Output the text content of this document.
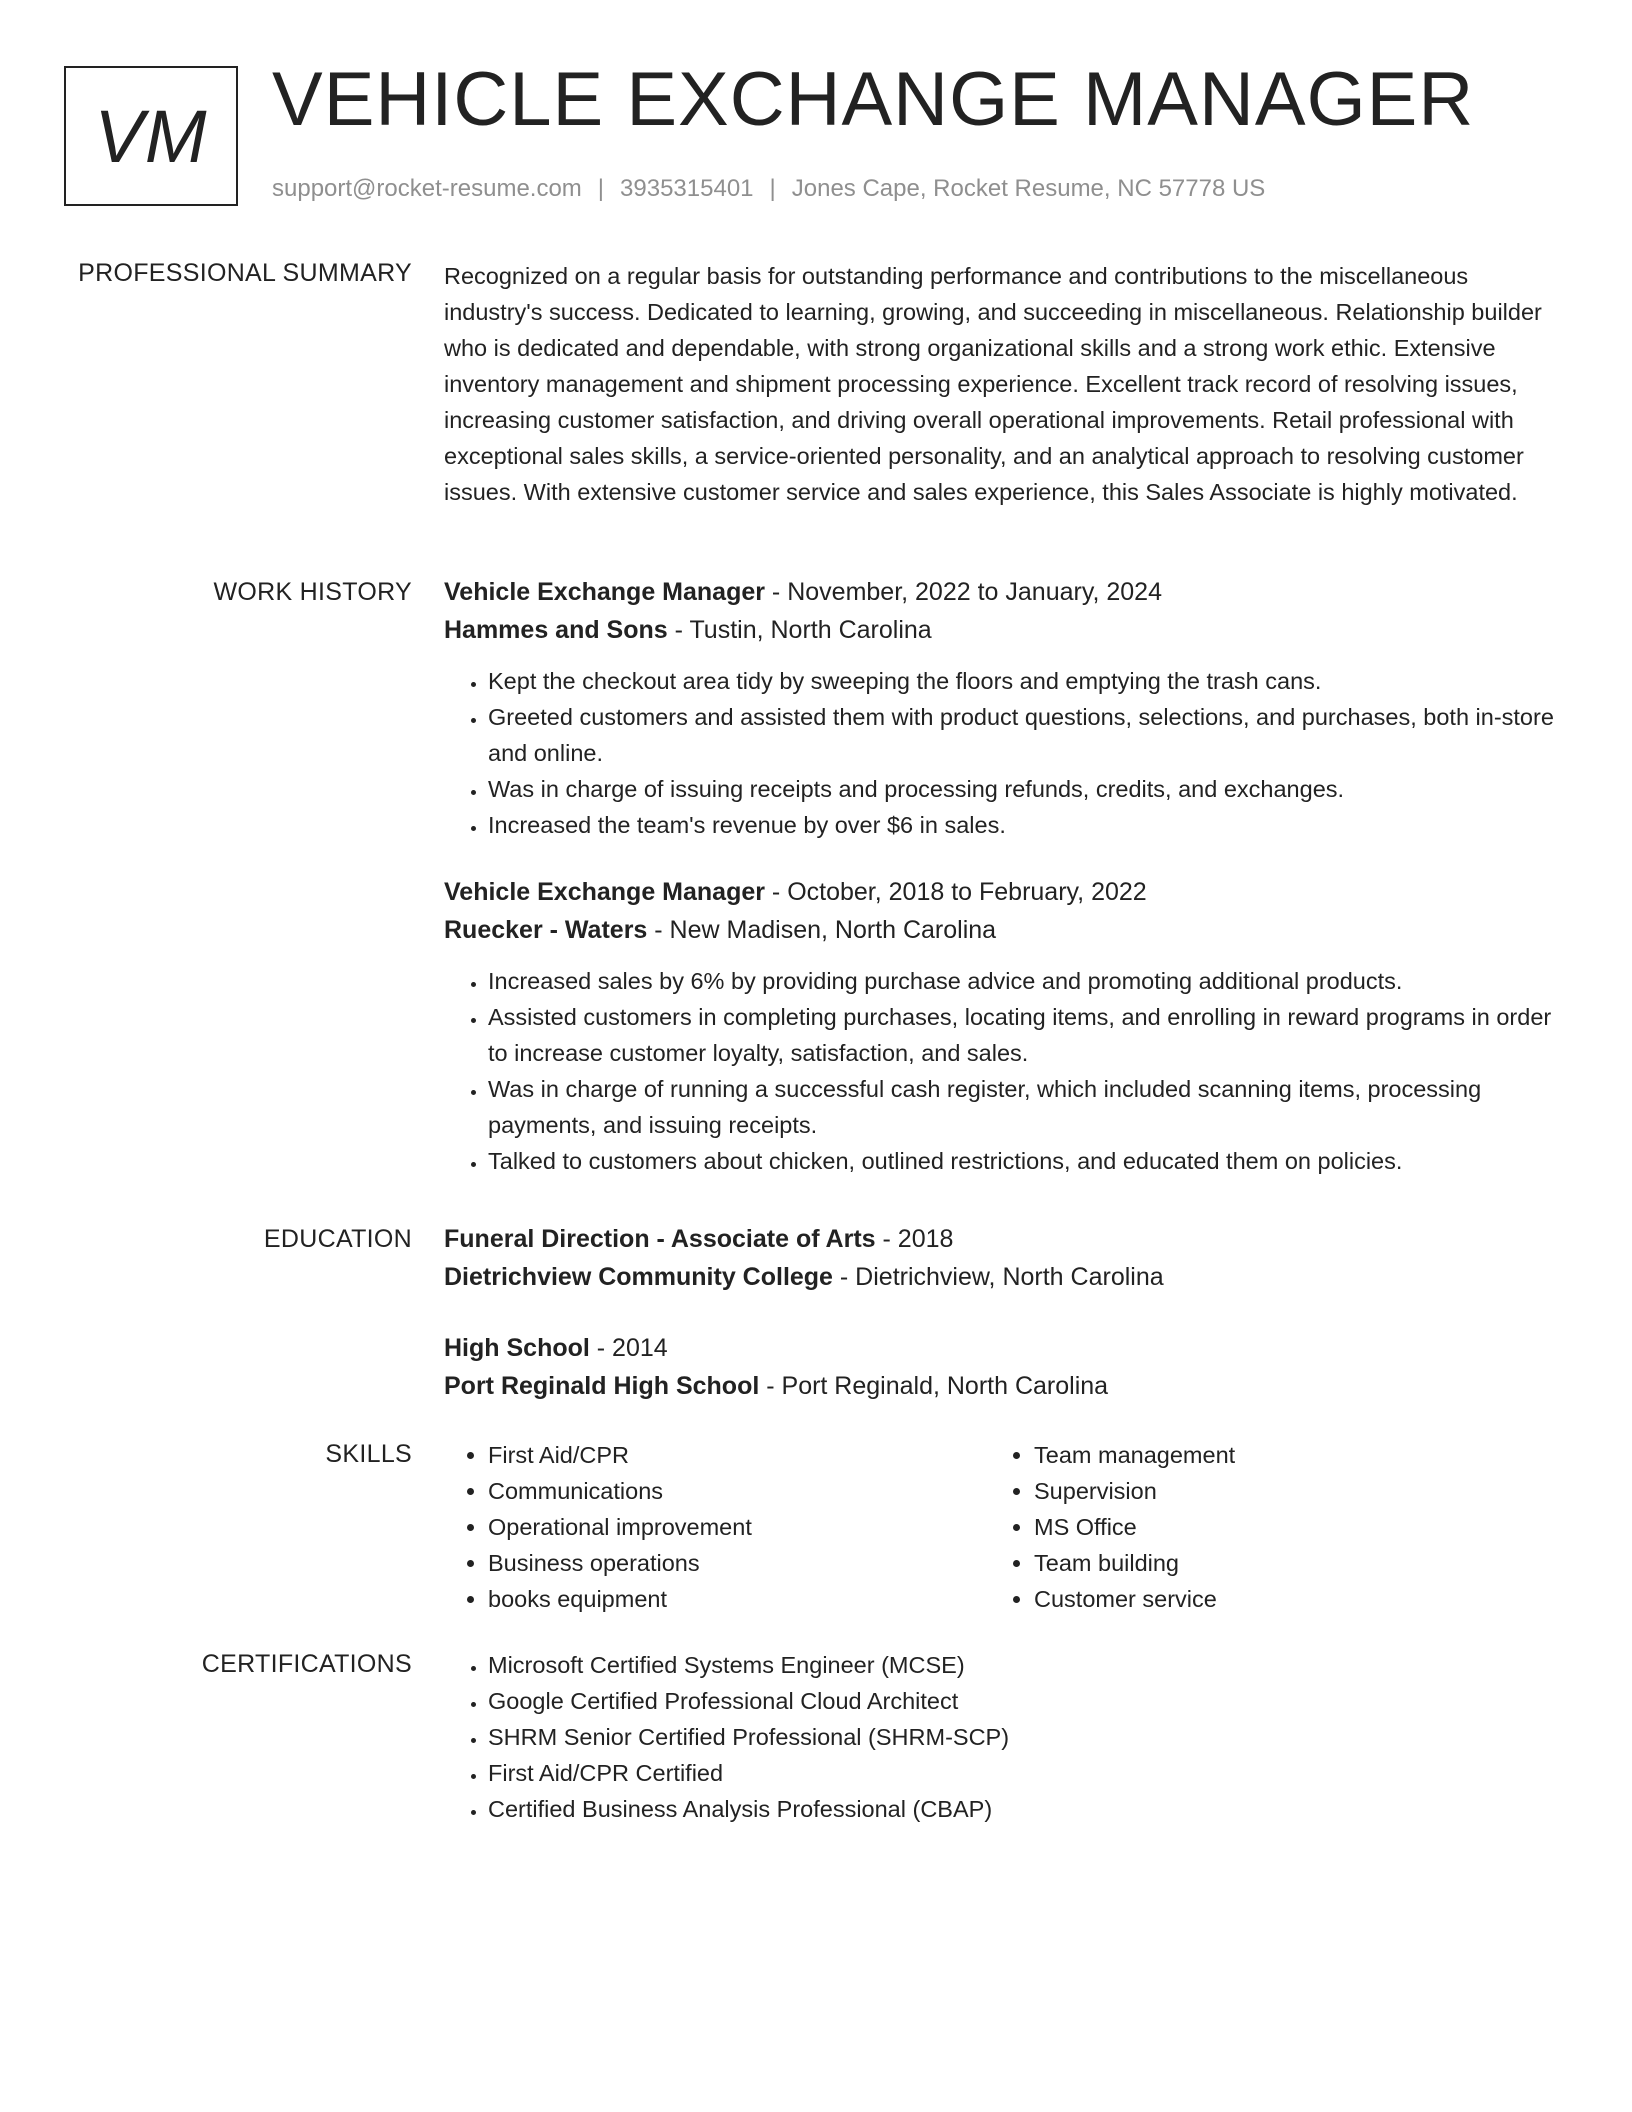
VM VEHICLE EXCHANGE MANAGER
support@rocket-resume.com | 3935315401 | Jones Cape, Rocket Resume, NC 57778 US
PROFESSIONAL SUMMARY Recognized on a regular basis for outstanding performance and contributions to the miscellaneous industry's success. Dedicated to learning, growing, and succeeding in miscellaneous. Relationship builder who is dedicated and dependable, with strong organizational skills and a strong work ethic. Extensive inventory management and shipment processing experience. Excellent track record of resolving issues, increasing customer satisfaction, and driving overall operational improvements. Retail professional with exceptional sales skills, a service-oriented personality, and an analytical approach to resolving customer issues. With extensive customer service and sales experience, this Sales Associate is highly motivated.

WORK HISTORY Vehicle Exchange Manager - November, 2022 to January, 2024

Hammes and Sons - Tustin, North Carolina

• Kept the checkout area tidy by sweeping the floors and emptying the trash cans.
• Greeted customers and assisted them with product questions, selections, and purchases, both in-store and online.
• Was in charge of issuing receipts and processing refunds, credits, and exchanges.
• Increased the team's revenue by over $6 in sales.

Vehicle Exchange Manager - October, 2018 to February, 2022

Ruecker - Waters - New Madisen, North Carolina

• Increased sales by 6% by providing purchase advice and promoting additional products.
• Assisted customers in completing purchases, locating items, and enrolling in reward programs in order to increase customer loyalty, satisfaction, and sales.
• Was in charge of running a successful cash register, which included scanning items, processing payments, and issuing receipts.
• Talked to customers about chicken, outlined restrictions, and educated them on policies.
EDUCATION Funeral Direction - Associate of Arts - 2018

Dietrichview Community College - Dietrichview, North Carolina

High School - 2014

Port Reginald High School - Port Reginald, North Carolina

SKILLS	• First Aid/CPR
• Communications
• Operational improvement
• Business operations
• books equipment
• Team management
• Supervision
• MS Office
• Team building
• Customer service
CERTIFICATIONS	• Microsoft Certified Systems Engineer (MCSE)
• Google Certified Professional Cloud Architect
• SHRM Senior Certified Professional (SHRM-SCP)
• First Aid/CPR Certified
• Certified Business Analysis Professional (CBAP)
